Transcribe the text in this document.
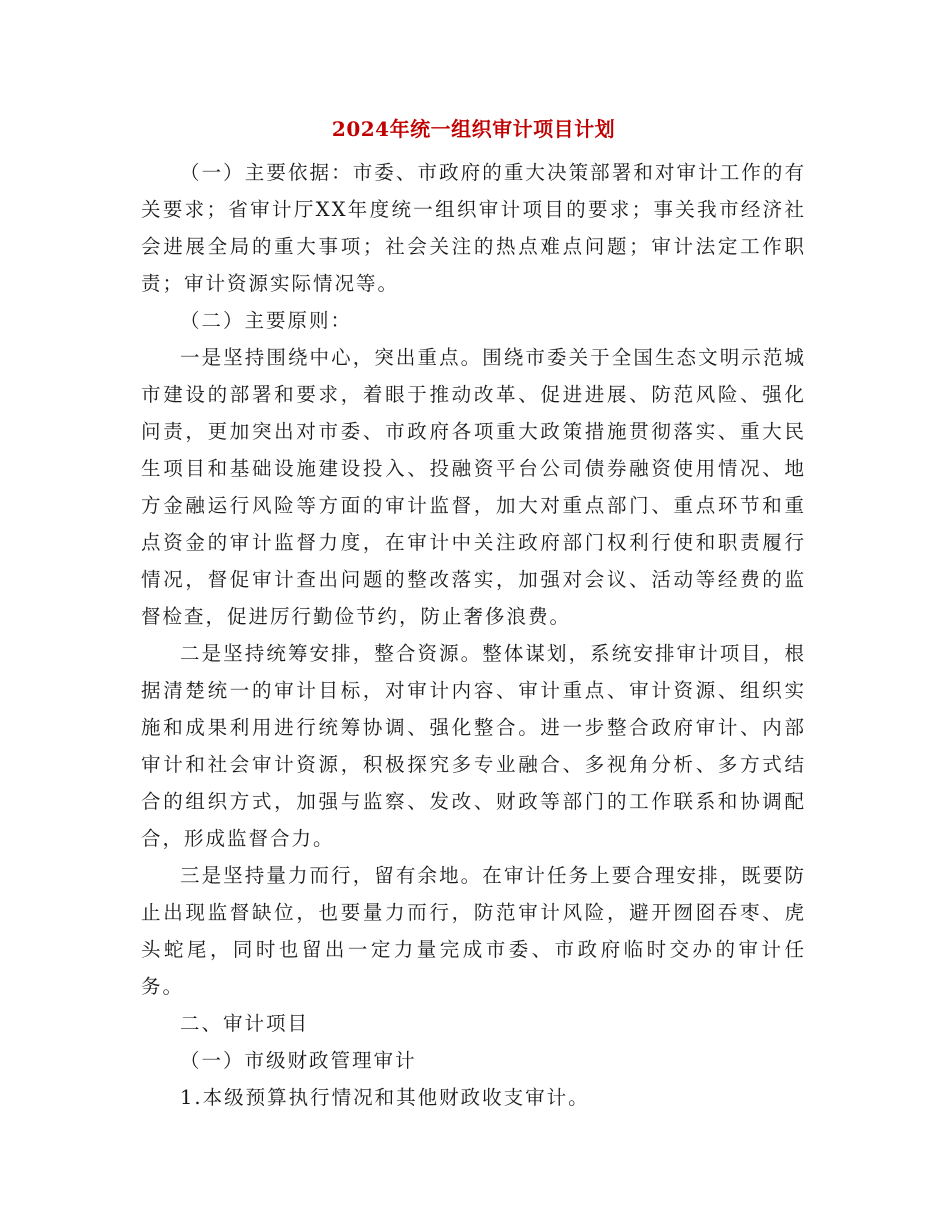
2024年统一组织审计项目计划

（一）主要依据：市委、市政府的重大决策部署和对审计工作的有关要求；省审计厅XX年度统一组织审计项目的要求；事关我市经济社会进展全局的重大事项；社会关注的热点难点问题；审计法定工作职责；审计资源实际情况等。

（二）主要原则：

一是坚持围绕中心，突出重点。围绕市委关于全国生态文明示范城市建设的部署和要求，着眼于推动改革、促进进展、防范风险、强化问责，更加突出对市委、市政府各项重大政策措施贯彻落实、重大民生项目和基础设施建设投入、投融资平台公司债券融资使用情况、地方金融运行风险等方面的审计监督，加大对重点部门、重点环节和重点资金的审计监督力度，在审计中关注政府部门权利行使和职责履行情况，督促审计查出问题的整改落实，加强对会议、活动等经费的监督检查，促进厉行勤俭节约，防止奢侈浪费。

二是坚持统筹安排，整合资源。整体谋划，系统安排审计项目，根据清楚统一的审计目标，对审计内容、审计重点、审计资源、组织实施和成果利用进行统筹协调、强化整合。进一步整合政府审计、内部审计和社会审计资源，积极探究多专业融合、多视角分析、多方式结合的组织方式，加强与监察、发改、财政等部门的工作联系和协调配合，形成监督合力。

三是坚持量力而行，留有余地。在审计任务上要合理安排，既要防止出现监督缺位，也要量力而行，防范审计风险，避开囫囵吞枣、虎头蛇尾，同时也留出一定力量完成市委、市政府临时交办的审计任务。

二、审计项目

（一）市级财政管理审计

1.本级预算执行情况和其他财政收支审计。
